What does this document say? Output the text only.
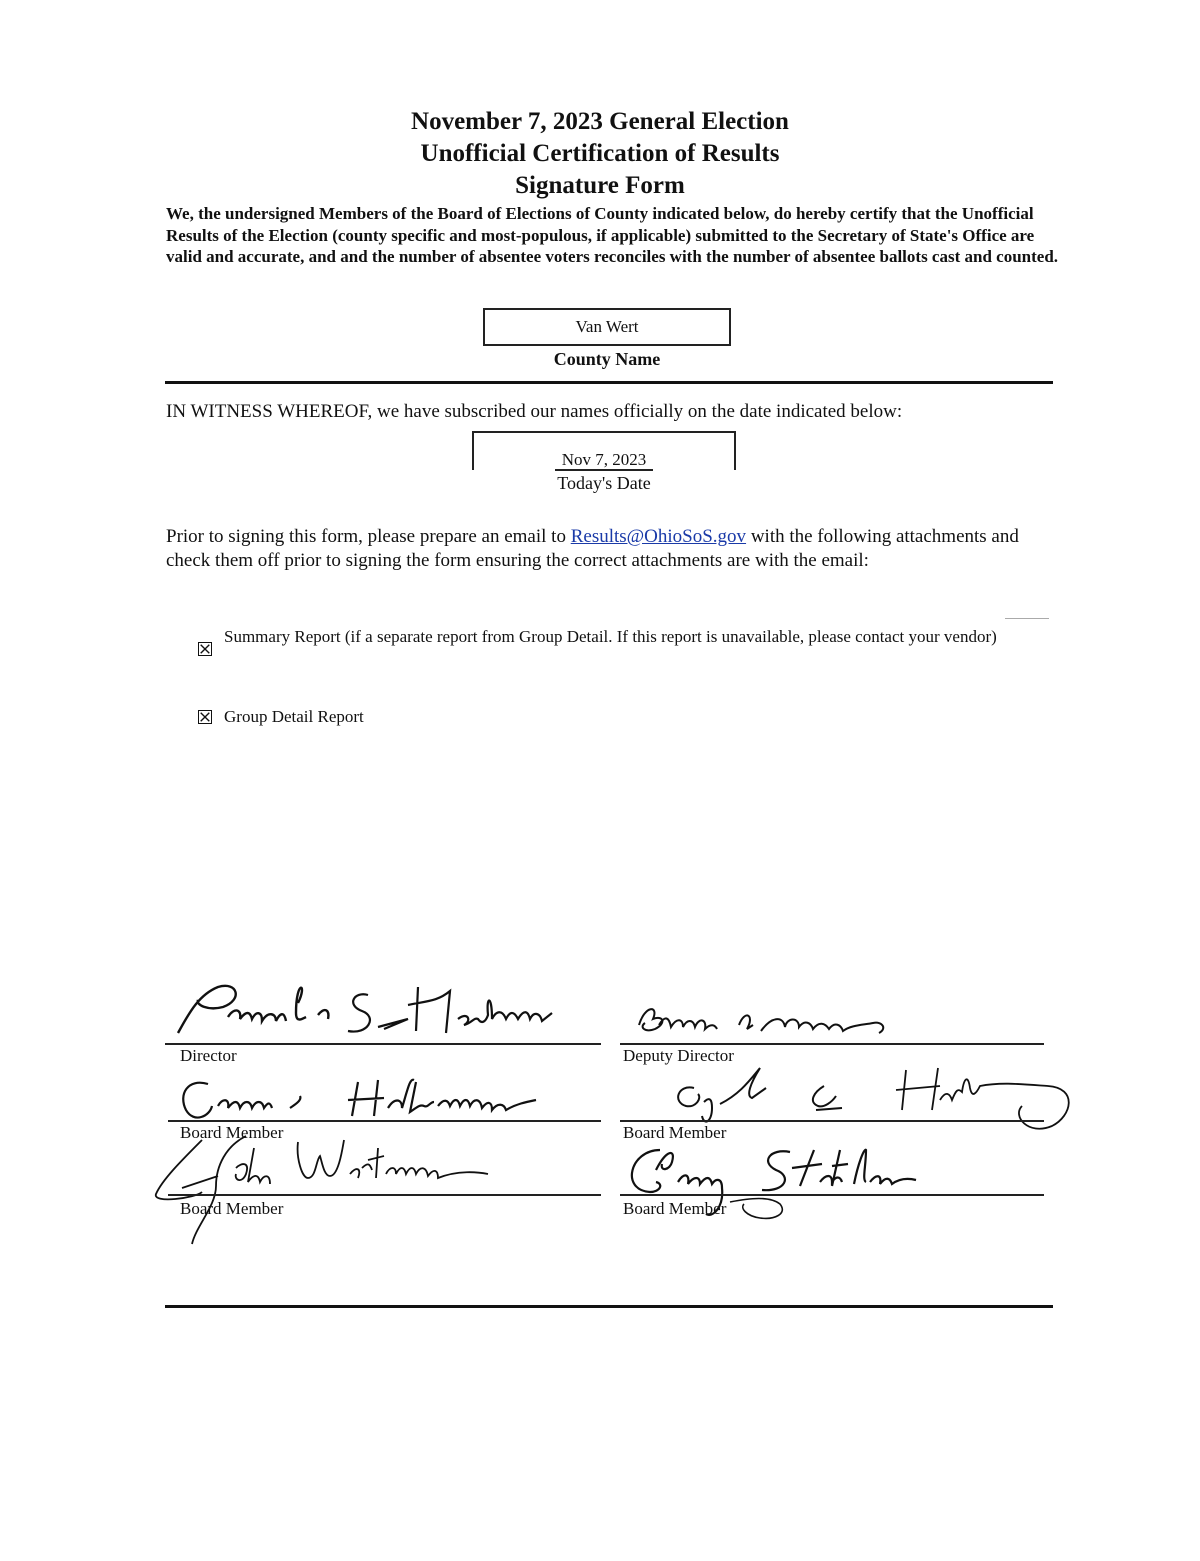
November 7, 2023 General Election
Unofficial Certification of Results
Signature Form
We, the undersigned Members of the Board of Elections of County indicated below, do hereby certify that the Unofficial Results of the Election (county specific and most-populous, if applicable) submitted to the Secretary of State's Office are valid and accurate, and and the number of absentee voters reconciles with the number of absentee ballots cast and counted.
Van Wert
County Name
IN WITNESS WHEREOF, we have subscribed our names officially on the date indicated below:
Nov 7, 2023
Today's Date
Prior to signing this form, please prepare an email to Results@OhioSoS.gov with the following attachments and check them off prior to signing the form ensuring the correct attachments are with the email:
Summary Report (if a separate report from Group Detail. If this report is unavailable, please contact your vendor)
Group Detail Report
Director	Deputy Director
Board Member	Board Member
Board Member	Board Member
